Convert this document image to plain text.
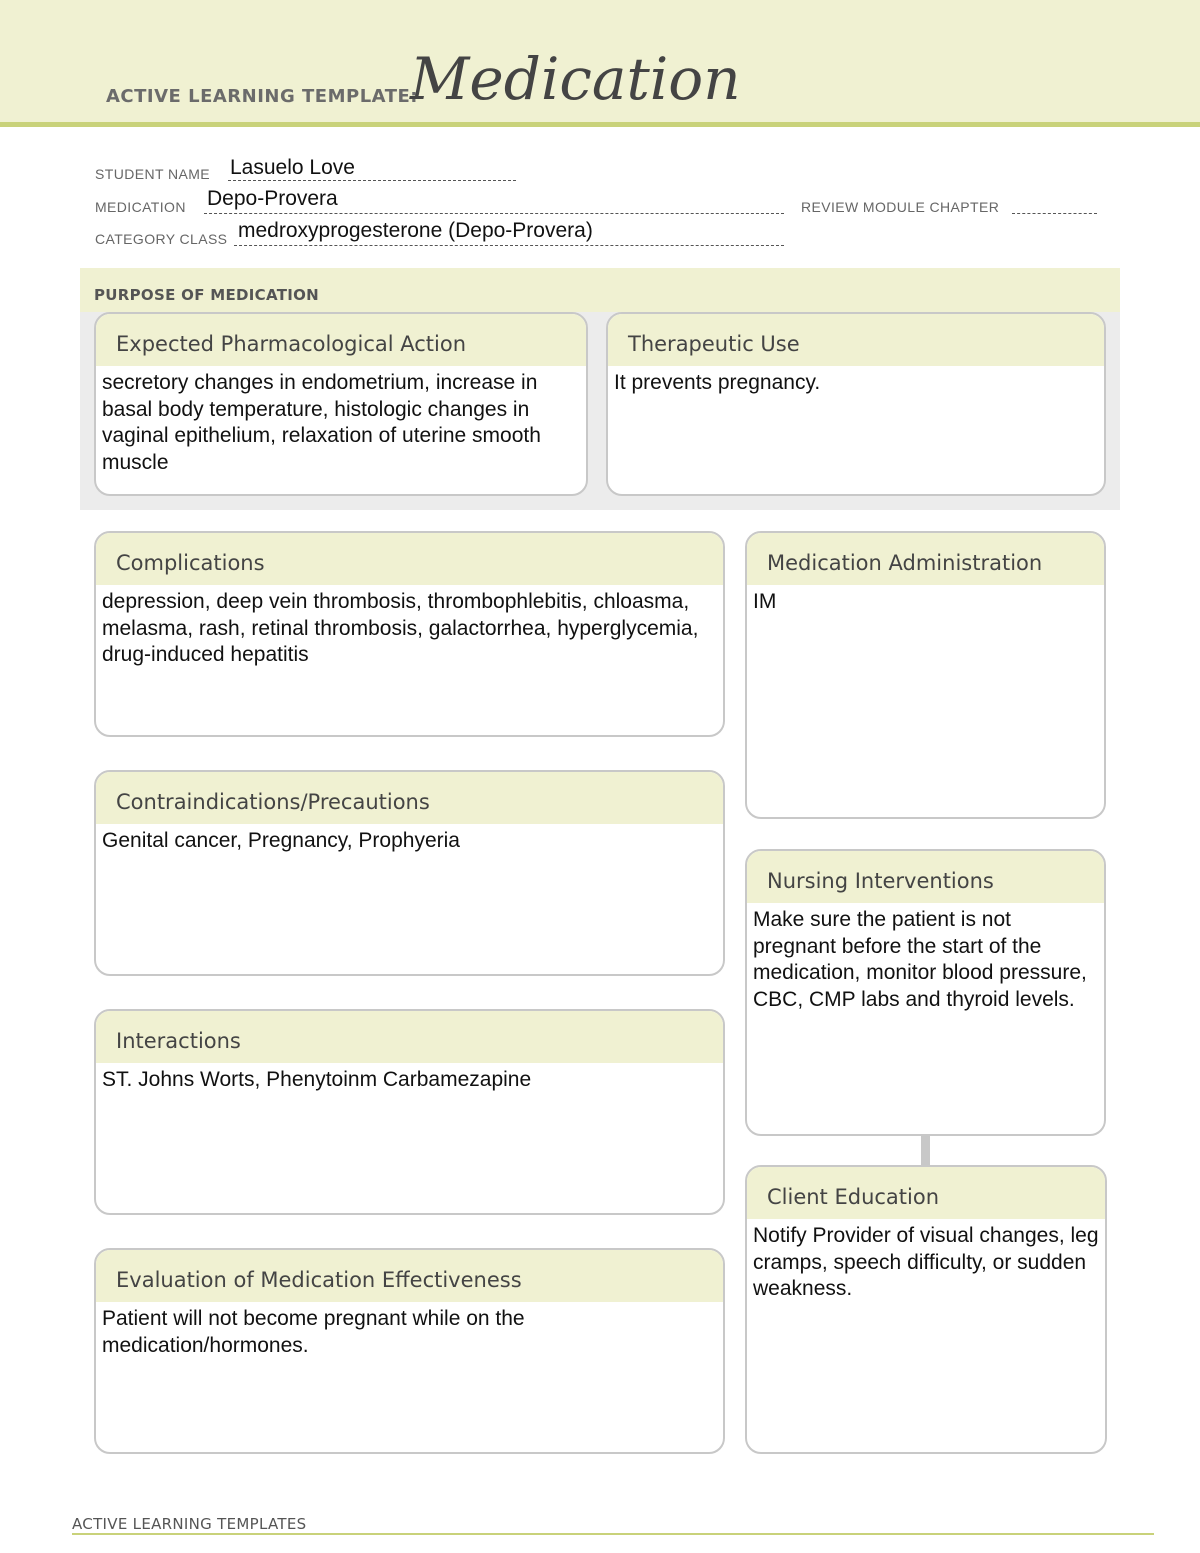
ACTIVE LEARNING TEMPLATE:
Medication
STUDENT NAME Lasuelo Love
MEDICATION Depo-Provera	REVIEW MODULE CHAPTER
CATEGORY CLASS medroxyprogesterone (Depo-Provera)
PURPOSE OF MEDICATION
Expected Pharmacological Action
secretory changes in endometrium, increase in basal body temperature, histologic changes in vaginal epithelium, relaxation of uterine smooth muscle
Therapeutic Use
It prevents pregnancy.
Complications
depression, deep vein thrombosis, thrombophlebitis, chloasma, melasma, rash, retinal thrombosis, galactorrhea, hyperglycemia, drug-induced hepatitis
Contraindications/Precautions
Genital cancer, Pregnancy, Prophyeria
Interactions
ST. Johns Worts, Phenytoinm Carbamezapine
Evaluation of Medication Effectiveness
Patient will not become pregnant while on the medication/hormones.
Medication Administration
IM
Nursing Interventions
Make sure the patient is not pregnant before the start of the medication, monitor blood pressure, CBC, CMP labs and thyroid levels.
Client Education
Notify Provider of visual changes, leg cramps, speech difficulty, or sudden weakness.
ACTIVE LEARNING TEMPLATES
